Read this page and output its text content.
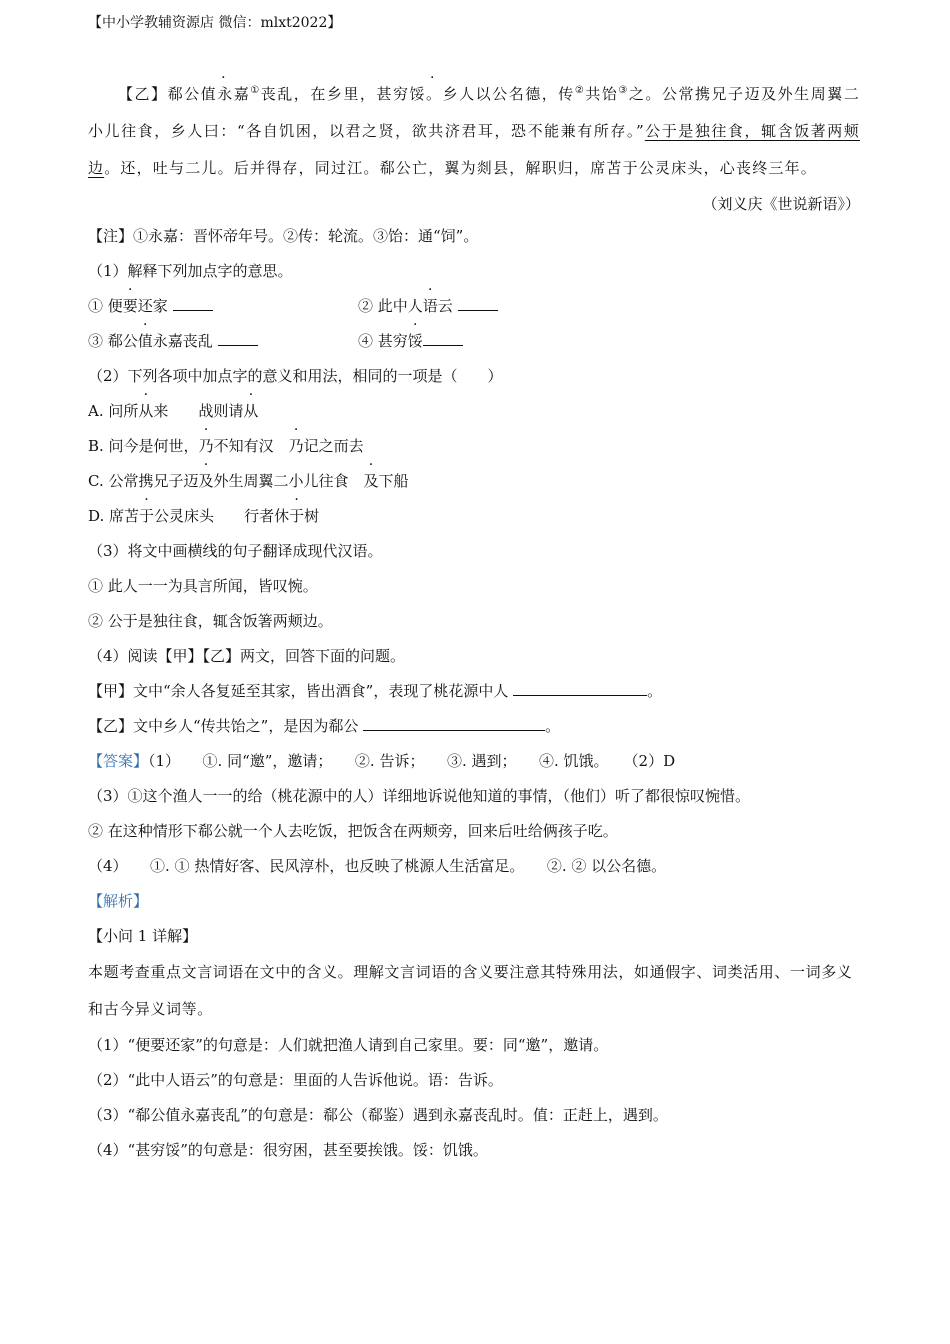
【中小学教辅资源店 微信：mlxt2022】

【乙】郗公值永嘉①丧乱，在乡里，甚穷馁。乡人以公名德，传②共饴③之。公常携兄子迈及外生周翼二小儿往食，乡人曰：“各自饥困，以君之贤，欲共济君耳，恐不能兼有所存。”公于是独往食，辄含饭著两颊边。还，吐与二儿。后并得存，同过江。郗公亡，翼为剡县，解职归，席苫于公灵床头，心丧终三年。

（刘义庆《世说新语》）
【注】①永嘉：晋怀帝年号。②传：轮流。③饴：通“饲”。
（1）解释下列加点字的意思。
① 便要还家	② 此中人语云
③ 郗公值永嘉丧乱	④ 甚穷馁
（2）下列各项中加点字的意义和用法，相同的一项是（　　）
A. 问所从来   战则请从
B. 问今是何世，乃不知有汉  乃记之而去
C. 公常携兄子迈及外生周翼二小儿往食  及下船
D. 席苫于公灵床头   行者休于树
（3）将文中画横线的句子翻译成现代汉语。
① 此人一一为具言所闻，皆叹惋。
② 公于是独往食，辄含饭箸两颊边。
（4）阅读【甲】【乙】两文，回答下面的问题。
【甲】文中“余人各复延至其家，皆出酒食”，表现了桃花源中人	。
【乙】文中乡人“传共饴之”，是因为郗公	。
【答案】（1）　　①. 同“邀”，邀请；　　②. 告诉；　　③. 遇到；　　④. 饥饿。　　（2）D
（3）①这个渔人一一的给（桃花源中的人）详细地诉说他知道的事情，（他们）听了都很惊叹惋惜。
② 在这种情形下郗公就一个人去吃饭，把饭含在两颊旁，回来后吐给俩孩子吃。
（4）　　①. ① 热情好客、民风淳朴，也反映了桃源人生活富足。　　②. ② 以公名德。
【解析】
【小问 1 详解】
本题考查重点文言词语在文中的含义。理解文言词语的含义要注意其特殊用法，如通假字、词类活用、一词多义和古今异义词等。
（1）“便要还家”的句意是：人们就把渔人请到自己家里。要：同“邀”，邀请。
（2）“此中人语云”的句意是：里面的人告诉他说。语：告诉。
（3）“郗公值永嘉丧乱”的句意是：郗公（郗鉴）遇到永嘉丧乱时。值：正赶上，遇到。
（4）“甚穷馁”的句意是：很穷困，甚至要挨饿。馁：饥饿。
